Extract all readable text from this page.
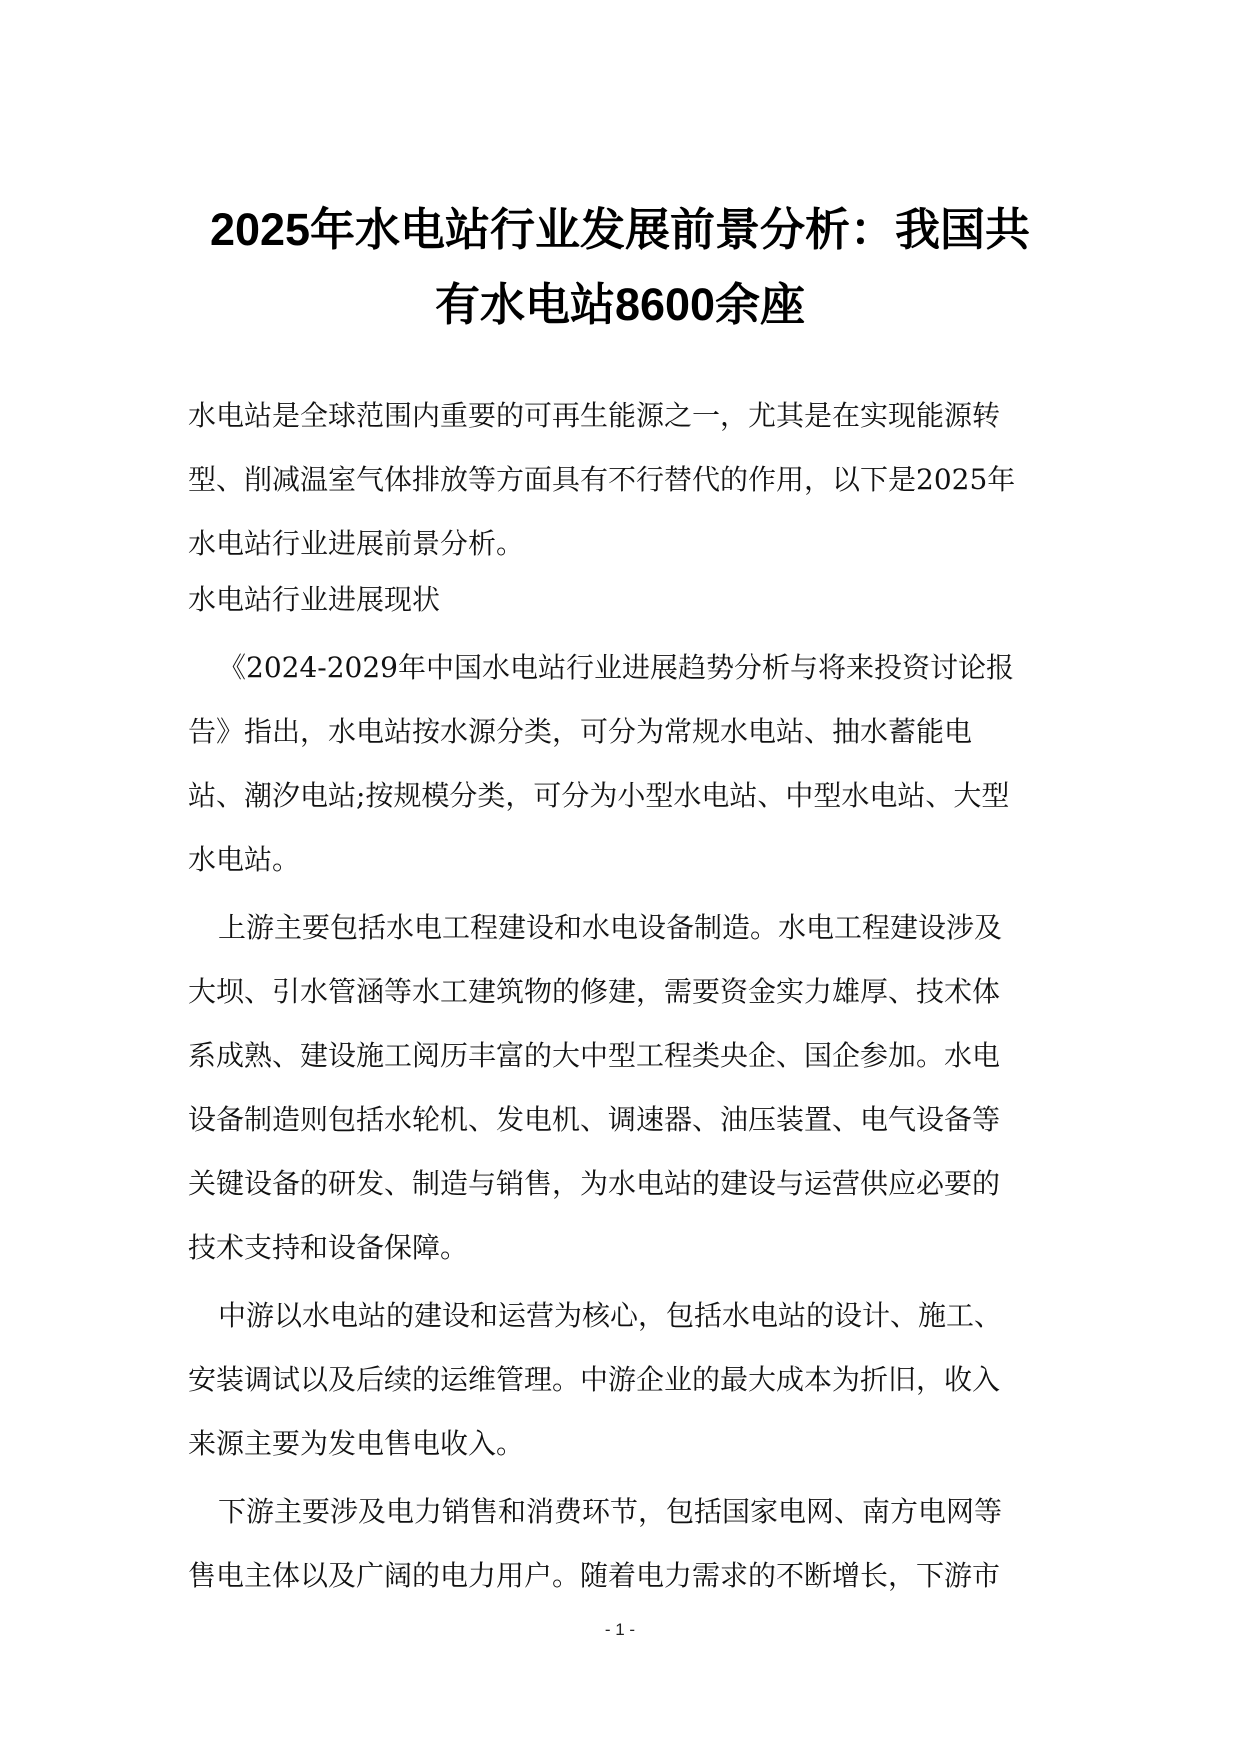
2025年水电站行业发展前景分析：我国共
有水电站8600余座

水电站是全球范围内重要的可再生能源之一，尤其是在实现能源转
型、削减温室气体排放等方面具有不行替代的作用，以下是2025年
水电站行业进展前景分析。

水电站行业进展现状

《2024-2029年中国水电站行业进展趋势分析与将来投资讨论报
告》指出，水电站按水源分类，可分为常规水电站、抽水蓄能电
站、潮汐电站;按规模分类，可分为小型水电站、中型水电站、大型
水电站。

上游主要包括水电工程建设和水电设备制造。水电工程建设涉及
大坝、引水管涵等水工建筑物的修建，需要资金实力雄厚、技术体
系成熟、建设施工阅历丰富的大中型工程类央企、国企参加。水电
设备制造则包括水轮机、发电机、调速器、油压装置、电气设备等
关键设备的研发、制造与销售，为水电站的建设与运营供应必要的
技术支持和设备保障。

中游以水电站的建设和运营为核心，包括水电站的设计、施工、
安装调试以及后续的运维管理。中游企业的最大成本为折旧，收入
来源主要为发电售电收入。

下游主要涉及电力销售和消费环节，包括国家电网、南方电网等
售电主体以及广阔的电力用户。随着电力需求的不断增长，下游市

- 1 -
